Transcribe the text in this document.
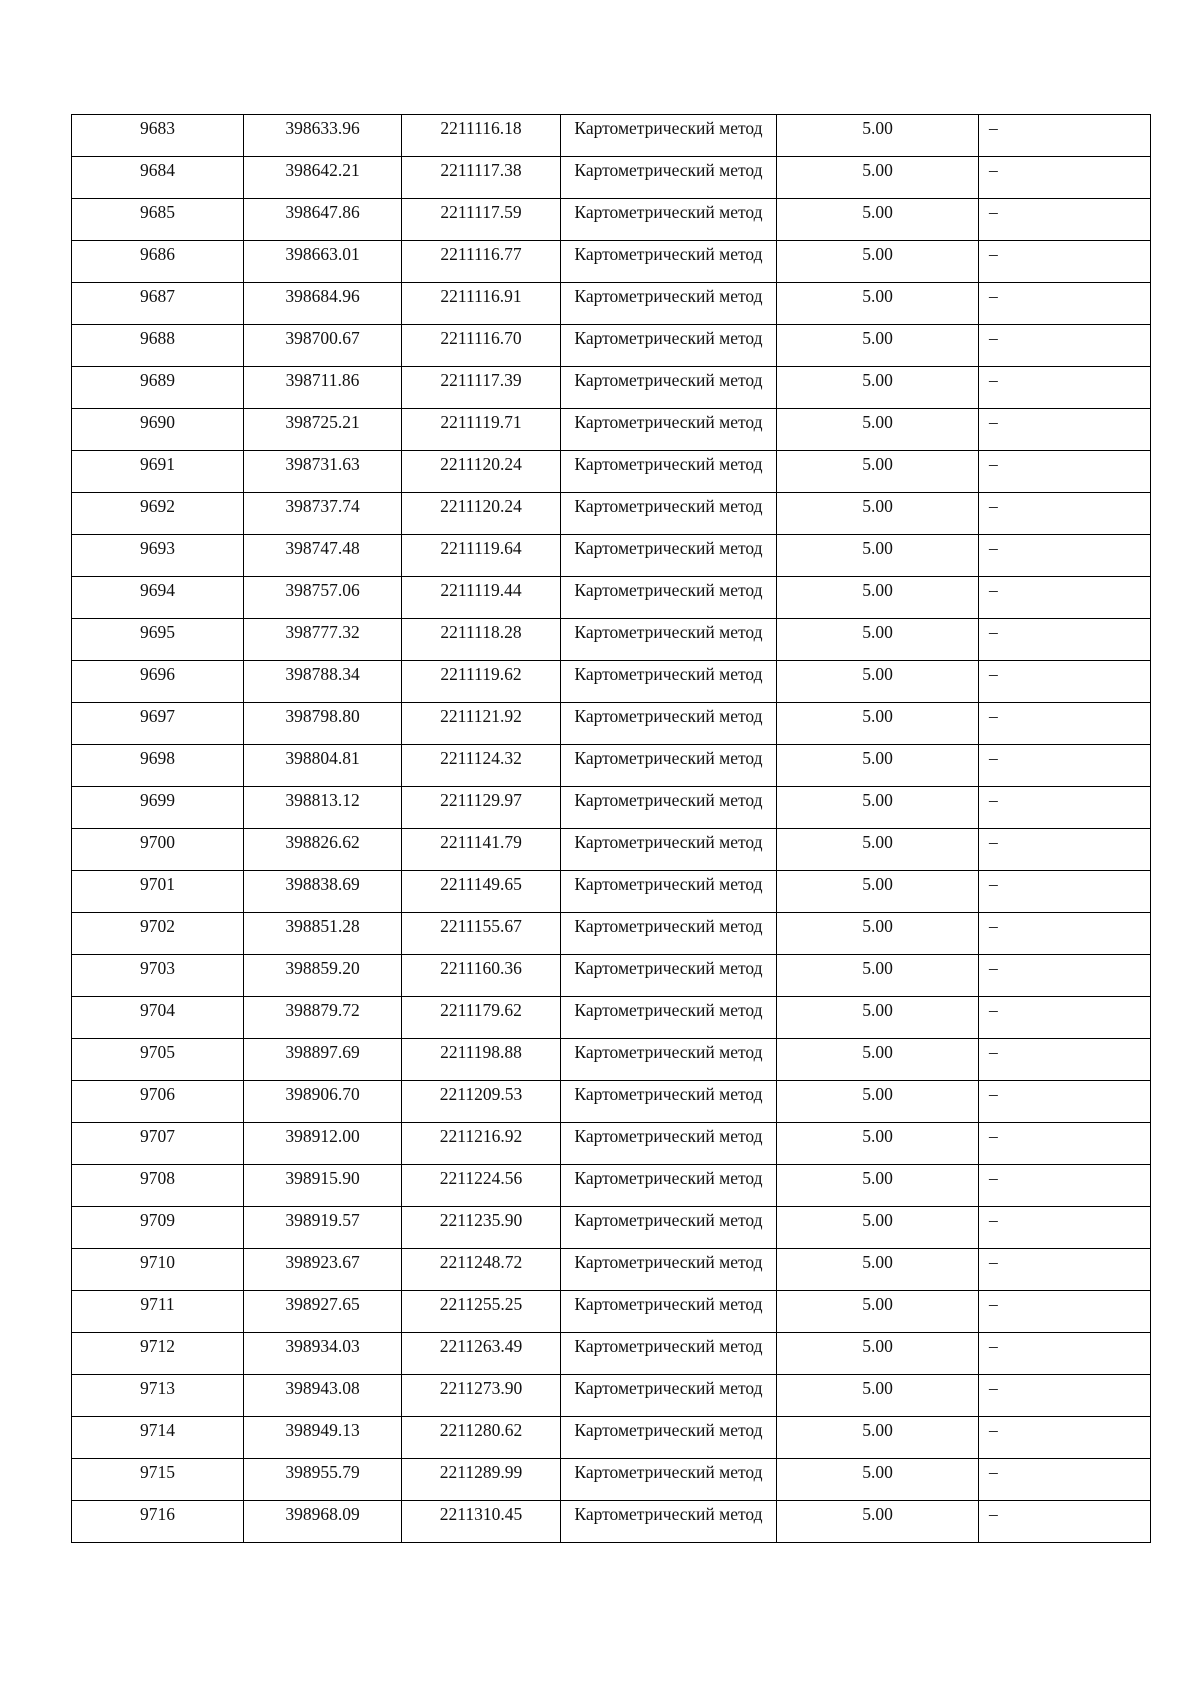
9683	398633.96	2211116.18	Картометрический метод	5.00	–
9684	398642.21	2211117.38	Картометрический метод	5.00	–
9685	398647.86	2211117.59	Картометрический метод	5.00	–
9686	398663.01	2211116.77	Картометрический метод	5.00	–
9687	398684.96	2211116.91	Картометрический метод	5.00	–
9688	398700.67	2211116.70	Картометрический метод	5.00	–
9689	398711.86	2211117.39	Картометрический метод	5.00	–
9690	398725.21	2211119.71	Картометрический метод	5.00	–
9691	398731.63	2211120.24	Картометрический метод	5.00	–
9692	398737.74	2211120.24	Картометрический метод	5.00	–
9693	398747.48	2211119.64	Картометрический метод	5.00	–
9694	398757.06	2211119.44	Картометрический метод	5.00	–
9695	398777.32	2211118.28	Картометрический метод	5.00	–
9696	398788.34	2211119.62	Картометрический метод	5.00	–
9697	398798.80	2211121.92	Картометрический метод	5.00	–
9698	398804.81	2211124.32	Картометрический метод	5.00	–
9699	398813.12	2211129.97	Картометрический метод	5.00	–
9700	398826.62	2211141.79	Картометрический метод	5.00	–
9701	398838.69	2211149.65	Картометрический метод	5.00	–
9702	398851.28	2211155.67	Картометрический метод	5.00	–
9703	398859.20	2211160.36	Картометрический метод	5.00	–
9704	398879.72	2211179.62	Картометрический метод	5.00	–
9705	398897.69	2211198.88	Картометрический метод	5.00	–
9706	398906.70	2211209.53	Картометрический метод	5.00	–
9707	398912.00	2211216.92	Картометрический метод	5.00	–
9708	398915.90	2211224.56	Картометрический метод	5.00	–
9709	398919.57	2211235.90	Картометрический метод	5.00	–
9710	398923.67	2211248.72	Картометрический метод	5.00	–
9711	398927.65	2211255.25	Картометрический метод	5.00	–
9712	398934.03	2211263.49	Картометрический метод	5.00	–
9713	398943.08	2211273.90	Картометрический метод	5.00	–
9714	398949.13	2211280.62	Картометрический метод	5.00	–
9715	398955.79	2211289.99	Картометрический метод	5.00	–
9716	398968.09	2211310.45	Картометрический метод	5.00	–
